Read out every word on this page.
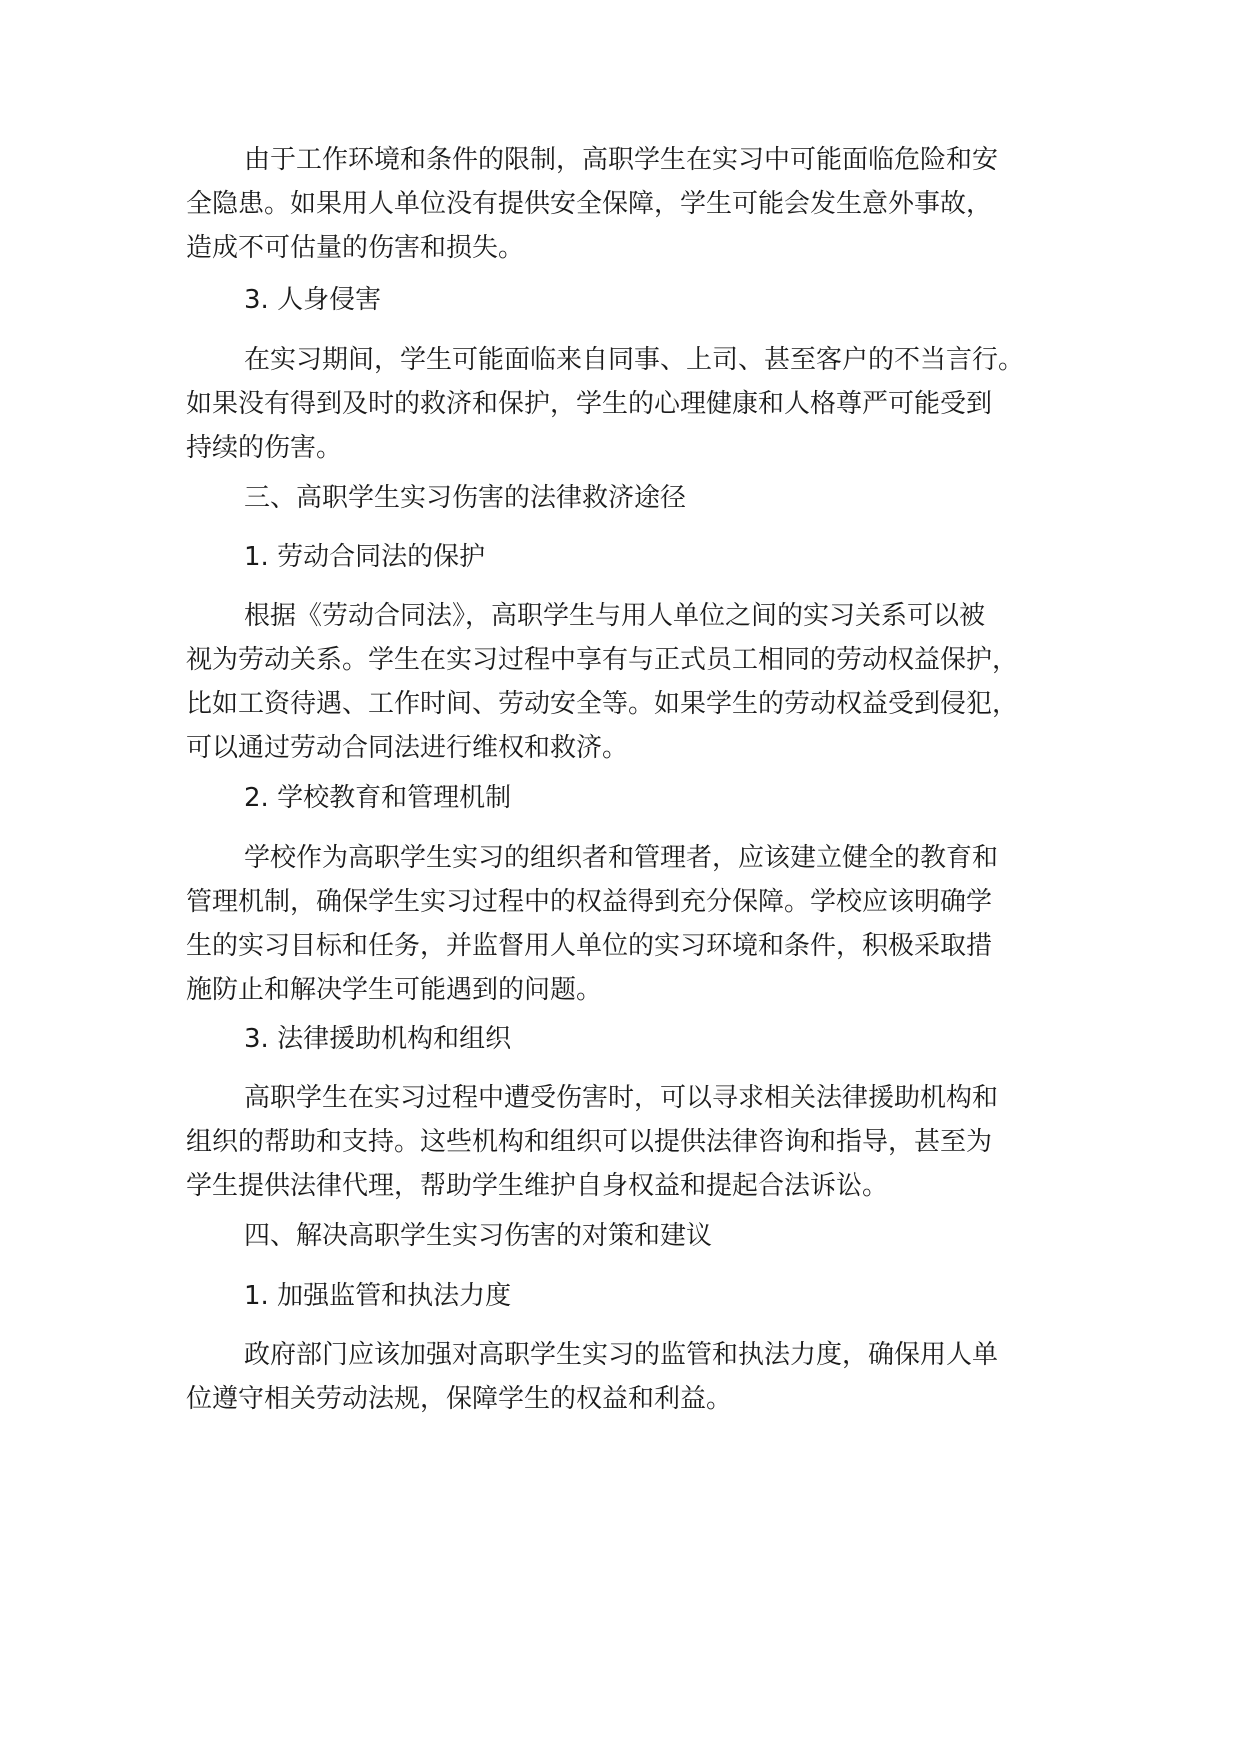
由于工作环境和条件的限制，高职学生在实习中可能面临危险和安
全隐患。如果用人单位没有提供安全保障，学生可能会发生意外事故，
造成不可估量的伤害和损失。
3. 人身侵害
在实习期间，学生可能面临来自同事、上司、甚至客户的不当言行。
如果没有得到及时的救济和保护，学生的心理健康和人格尊严可能受到
持续的伤害。
三、高职学生实习伤害的法律救济途径
1. 劳动合同法的保护
根据《劳动合同法》，高职学生与用人单位之间的实习关系可以被
视为劳动关系。学生在实习过程中享有与正式员工相同的劳动权益保护，
比如工资待遇、工作时间、劳动安全等。如果学生的劳动权益受到侵犯，
可以通过劳动合同法进行维权和救济。
2. 学校教育和管理机制
学校作为高职学生实习的组织者和管理者，应该建立健全的教育和
管理机制，确保学生实习过程中的权益得到充分保障。学校应该明确学
生的实习目标和任务，并监督用人单位的实习环境和条件，积极采取措
施防止和解决学生可能遇到的问题。
3. 法律援助机构和组织
高职学生在实习过程中遭受伤害时，可以寻求相关法律援助机构和
组织的帮助和支持。这些机构和组织可以提供法律咨询和指导，甚至为
学生提供法律代理，帮助学生维护自身权益和提起合法诉讼。
四、解决高职学生实习伤害的对策和建议
1. 加强监管和执法力度
政府部门应该加强对高职学生实习的监管和执法力度，确保用人单
位遵守相关劳动法规，保障学生的权益和利益。
